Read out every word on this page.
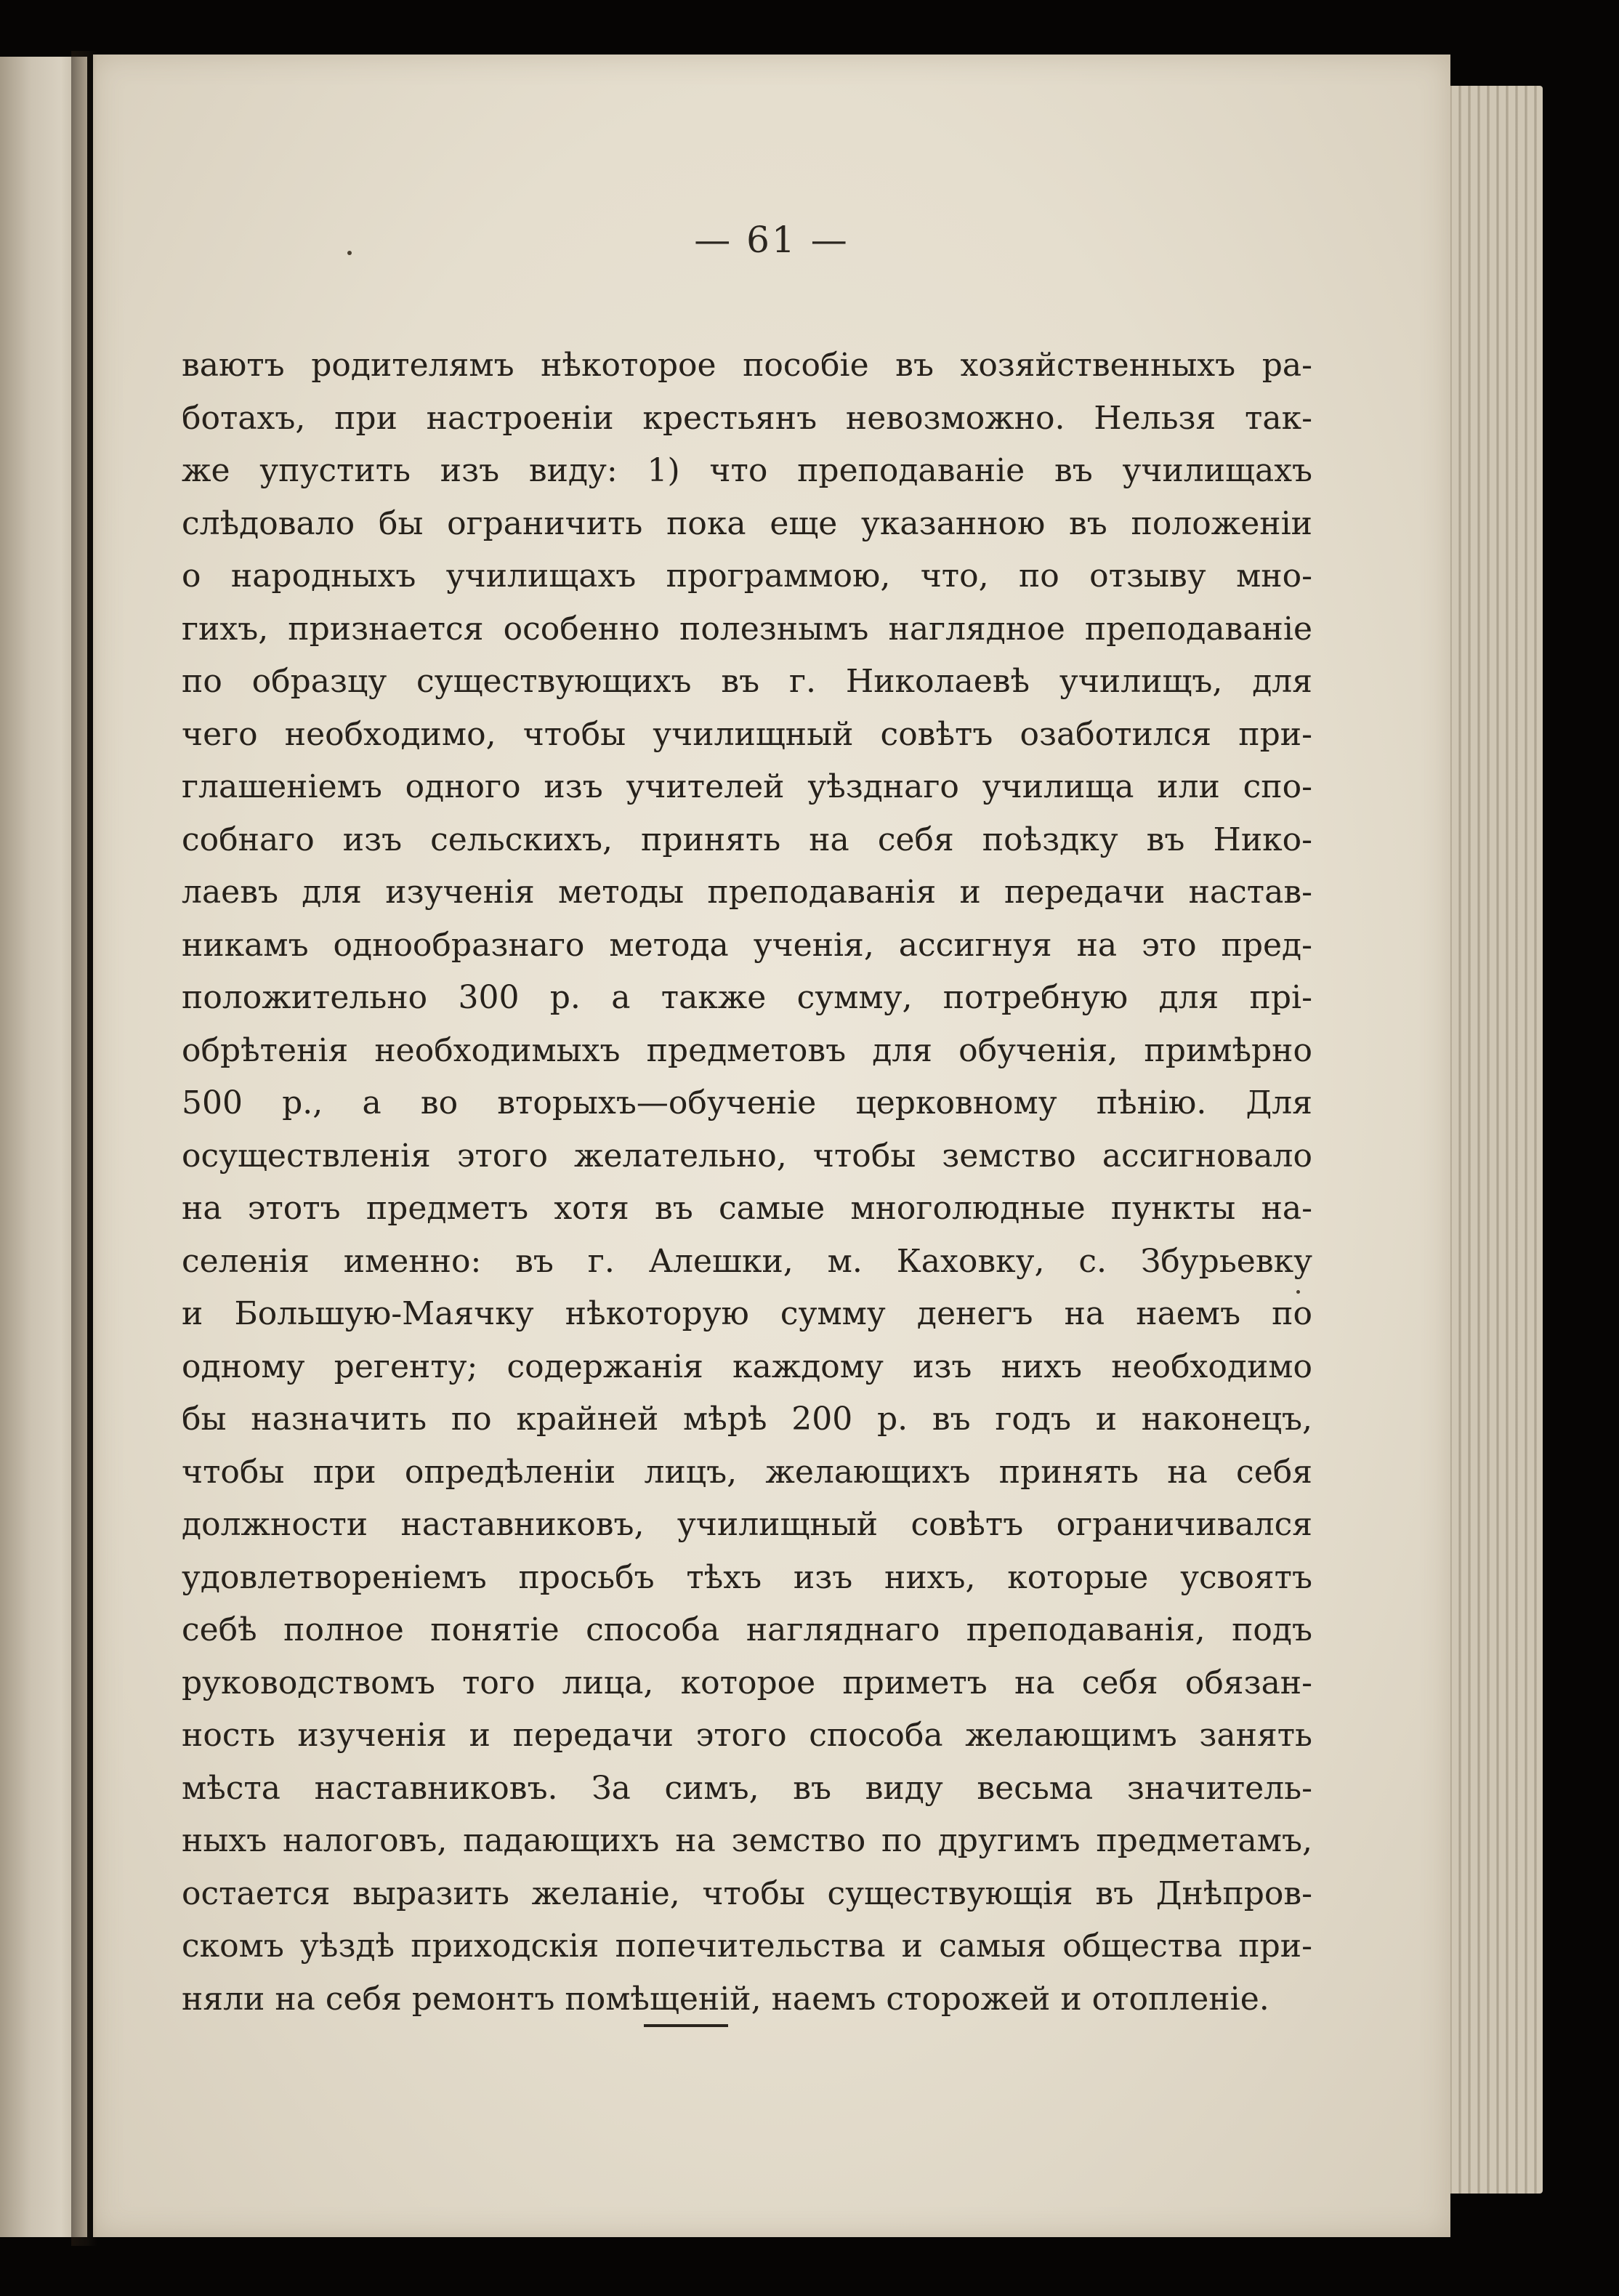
— 61 —

ваютъ родителямъ нѣкоторое пособіе въ хозяйственныхъ ра-
ботахъ, при настроеніи крестьянъ невозможно. Нельзя так-
же упустить изъ виду: 1) что преподаваніе въ училищахъ
слѣдовало бы ограничить пока еще указанною въ положеніи
о народныхъ училищахъ программою, что, по отзыву мно-
гихъ, признается особенно полезнымъ наглядное преподаваніе
по образцу существующихъ въ г. Николаевѣ училищъ, для
чего необходимо, чтобы училищный совѣтъ озаботился при-
глашеніемъ одного изъ учителей уѣзднаго училища или спо-
собнаго изъ сельскихъ, принять на себя поѣздку въ Нико-
лаевъ для изученія методы преподаванія и передачи настав-
никамъ однообразнаго метода ученія, ассигнуя на это пред-
положительно 300 р. а также сумму, потребную для прі-
обрѣтенія необходимыхъ предметовъ для обученія, примѣрно
500 р., а во вторыхъ—обученіе церковному пѣнію. Для
осуществленія этого желательно, чтобы земство ассигновало
на этотъ предметъ хотя въ самые многолюдные пункты на-
селенія именно: въ г. Алешки, м. Каховку, с. Збурьевку
и Большую-Маячку нѣкоторую сумму денегъ на наемъ по
одному регенту; содержанія каждому изъ нихъ необходимо
бы назначить по крайней мѣрѣ 200 р. въ годъ и наконецъ,
чтобы при опредѣленіи лицъ, желающихъ принять на себя
должности наставниковъ, училищный совѣтъ ограничивался
удовлетвореніемъ просьбъ тѣхъ изъ нихъ, которые усвоятъ
себѣ полное понятіе способа нагляднаго преподаванія, подъ
руководствомъ того лица, которое приметъ на себя обязан-
ность изученія и передачи этого способа желающимъ занять
мѣста наставниковъ. За симъ, въ виду весьма значитель-
ныхъ налоговъ, падающихъ на земство по другимъ предметамъ,
остается выразить желаніе, чтобы существующія въ Днѣпров-
скомъ уѣздѣ приходскія попечительства и самыя общества при-
няли на себя ремонтъ помѣщеній, наемъ сторожей и отопленіе.
